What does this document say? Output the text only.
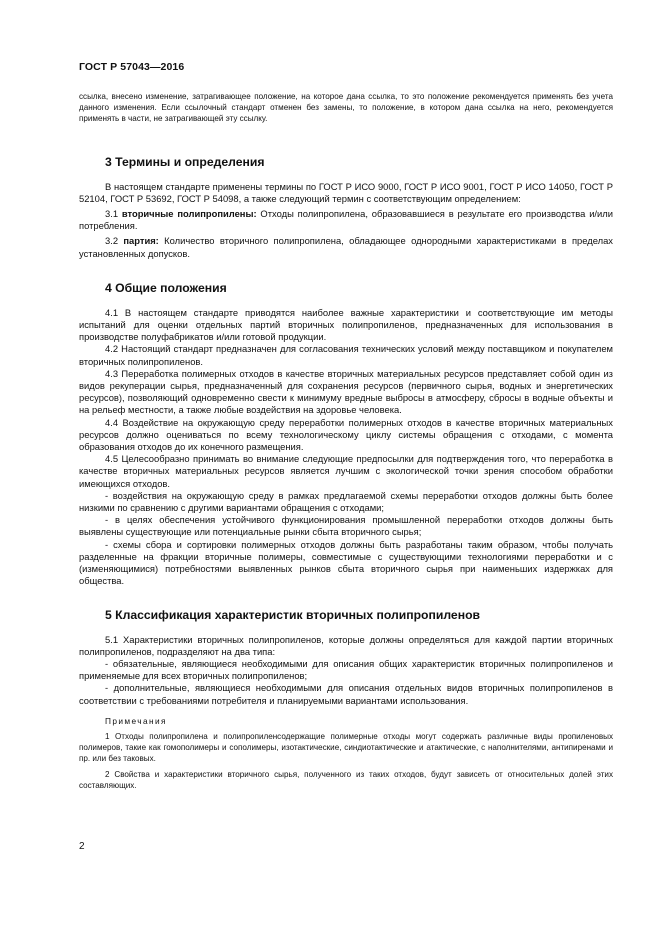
ГОСТ Р 57043—2016

ссылка, внесено изменение, затрагивающее положение, на которое дана ссылка, то это положение рекомендуется применять без учета данного изменения. Если ссылочный стандарт отменен без замены, то положение, в котором дана ссылка на него, рекомендуется применять в части, не затрагивающей эту ссылку.

3 Термины и определения

В настоящем стандарте применены термины по ГОСТ Р ИСО 9000, ГОСТ Р ИСО 9001, ГОСТ Р ИСО 14050, ГОСТ Р 52104, ГОСТ Р 53692, ГОСТ Р 54098, а также следующий термин с соответствующим определением:

3.1 вторичные полипропилены: Отходы полипропилена, образовавшиеся в результате его производства и/или потребления.

3.2 партия: Количество вторичного полипропилена, обладающее однородными характеристиками в пределах установленных допусков.

4 Общие положения

4.1 В настоящем стандарте приводятся наиболее важные характеристики и соответствующие им методы испытаний для оценки отдельных партий вторичных полипропиленов, предназначенных для использования в производстве полуфабрикатов и/или готовой продукции.

4.2 Настоящий стандарт предназначен для согласования технических условий между поставщиком и покупателем вторичных полипропиленов.

4.3 Переработка полимерных отходов в качестве вторичных материальных ресурсов представляет собой один из видов рекуперации сырья, предназначенный для сохранения ресурсов (первичного сырья, водных и энергетических ресурсов), позволяющий одновременно свести к минимуму вредные выбросы в атмосферу, сбросы в водные объекты и на рельеф местности, а также любые воздействия на здоровье человека.

4.4 Воздействие на окружающую среду переработки полимерных отходов в качестве вторичных материальных ресурсов должно оцениваться по всему технологическому циклу системы обращения с отходами, с момента образования отходов до их конечного размещения.

4.5 Целесообразно принимать во внимание следующие предпосылки для подтверждения того, что переработка в качестве вторичных материальных ресурсов является лучшим с экологической точки зрения способом обработки имеющихся отходов.

- воздействия на окружающую среду в рамках предлагаемой схемы переработки отходов должны быть более низкими по сравнению с другими вариантами обращения с отходами;

- в целях обеспечения устойчивого функционирования промышленной переработки отходов должны быть выявлены существующие или потенциальные рынки сбыта вторичного сырья;

- схемы сбора и сортировки полимерных отходов должны быть разработаны таким образом, чтобы получать разделенные на фракции вторичные полимеры, совместимые с существующими технологиями переработки и с (изменяющимися) потребностями выявленных рынков сбыта вторичного сырья при наименьших издержках для общества.

5 Классификация характеристик вторичных полипропиленов

5.1 Характеристики вторичных полипропиленов, которые должны определяться для каждой партии вторичных полипропиленов, подразделяют на два типа:

- обязательные, являющиеся необходимыми для описания общих характеристик вторичных полипропиленов и применяемые для всех вторичных полипропиленов;

- дополнительные, являющиеся необходимыми для описания отдельных видов вторичных полипропиленов в соответствии с требованиями потребителя и планируемыми вариантами использования.

Примечания

1 Отходы полипропилена и полипропиленсодержащие полимерные отходы могут содержать различные виды пропиленовых полимеров, такие как гомополимеры и сополимеры, изотактические, синдиотактические и атактические, с наполнителями, антипиренами и пр. или без таковых.

2 Свойства и характеристики вторичного сырья, полученного из таких отходов, будут зависеть от относительных долей этих составляющих.

2
